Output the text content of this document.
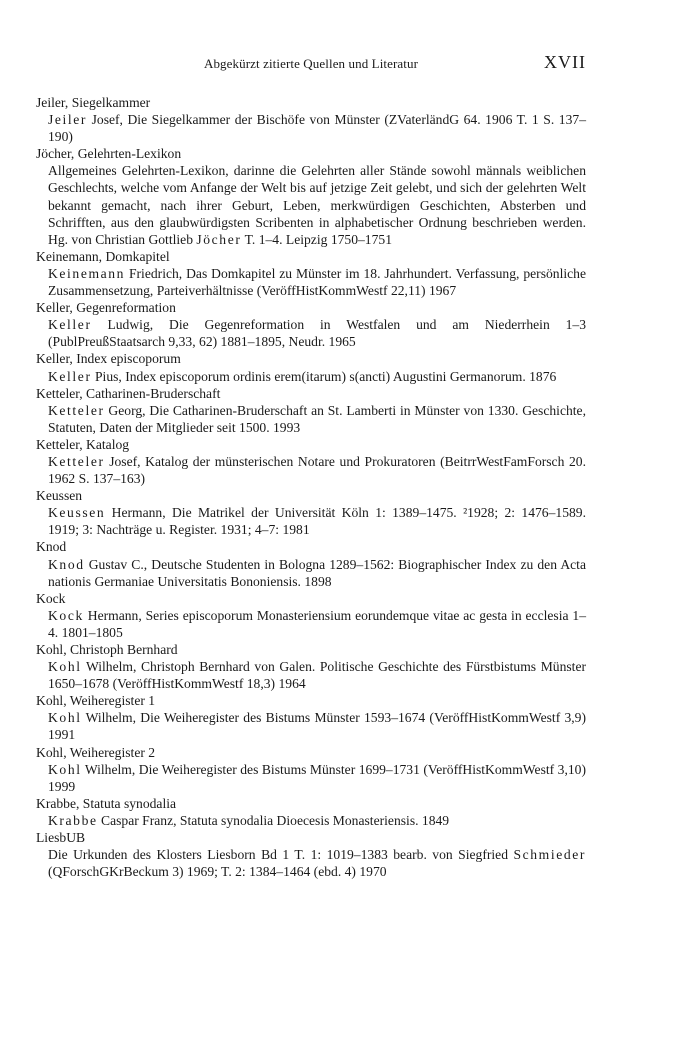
Abgekürzt zitierte Quellen und Literatur	XVII
Jeiler, Siegelkammer
Jeiler Josef, Die Siegelkammer der Bischöfe von Münster (ZVaterländG 64. 1906 T. 1 S. 137–190)
Jöcher, Gelehrten-Lexikon
Allgemeines Gelehrten-Lexikon, darinne die Gelehrten aller Stände sowohl männals weiblichen Geschlechts, welche vom Anfange der Welt bis auf jetzige Zeit gelebt, und sich der gelehrten Welt bekannt gemacht, nach ihrer Geburt, Leben, merkwürdigen Geschichten, Absterben und Schrifften, aus den glaubwürdigsten Scribenten in alphabetischer Ordnung beschrieben werden. Hg. von Christian Gottlieb Jöcher T. 1–4. Leipzig 1750–1751
Keinemann, Domkapitel
Keinemann Friedrich, Das Domkapitel zu Münster im 18. Jahrhundert. Verfassung, persönliche Zusammensetzung, Parteiverhältnisse (VeröffHistKommWestf 22,11) 1967
Keller, Gegenreformation
Keller Ludwig, Die Gegenreformation in Westfalen und am Niederrhein 1–3 (PublPreußStaatsarch 9,33, 62) 1881–1895, Neudr. 1965
Keller, Index episcoporum
Keller Pius, Index episcoporum ordinis erem(itarum) s(ancti) Augustini Germanorum. 1876
Ketteler, Catharinen-Bruderschaft
Ketteler Georg, Die Catharinen-Bruderschaft an St. Lamberti in Münster von 1330. Geschichte, Statuten, Daten der Mitglieder seit 1500. 1993
Ketteler, Katalog
Ketteler Josef, Katalog der münsterischen Notare und Prokuratoren (BeitrrWestFamForsch 20. 1962 S. 137–163)
Keussen
Keussen Hermann, Die Matrikel der Universität Köln 1: 1389–1475. ²1928; 2: 1476–1589. 1919; 3: Nachträge u. Register. 1931; 4–7: 1981
Knod
Knod Gustav C., Deutsche Studenten in Bologna 1289–1562: Biographischer Index zu den Acta nationis Germaniae Universitatis Bononiensis. 1898
Kock
Kock Hermann, Series episcoporum Monasteriensium eorundemque vitae ac gesta in ecclesia 1–4. 1801–1805
Kohl, Christoph Bernhard
Kohl Wilhelm, Christoph Bernhard von Galen. Politische Geschichte des Fürstbistums Münster 1650–1678 (VeröffHistKommWestf 18,3) 1964
Kohl, Weiheregister 1
Kohl Wilhelm, Die Weiheregister des Bistums Münster 1593–1674 (VeröffHistKommWestf 3,9) 1991
Kohl, Weiheregister 2
Kohl Wilhelm, Die Weiheregister des Bistums Münster 1699–1731 (VeröffHistKommWestf 3,10) 1999
Krabbe, Statuta synodalia
Krabbe Caspar Franz, Statuta synodalia Dioecesis Monasteriensis. 1849
LiesbUB
Die Urkunden des Klosters Liesborn Bd 1 T. 1: 1019–1383 bearb. von Siegfried Schmieder (QForschGKrBeckum 3) 1969; T. 2: 1384–1464 (ebd. 4) 1970
